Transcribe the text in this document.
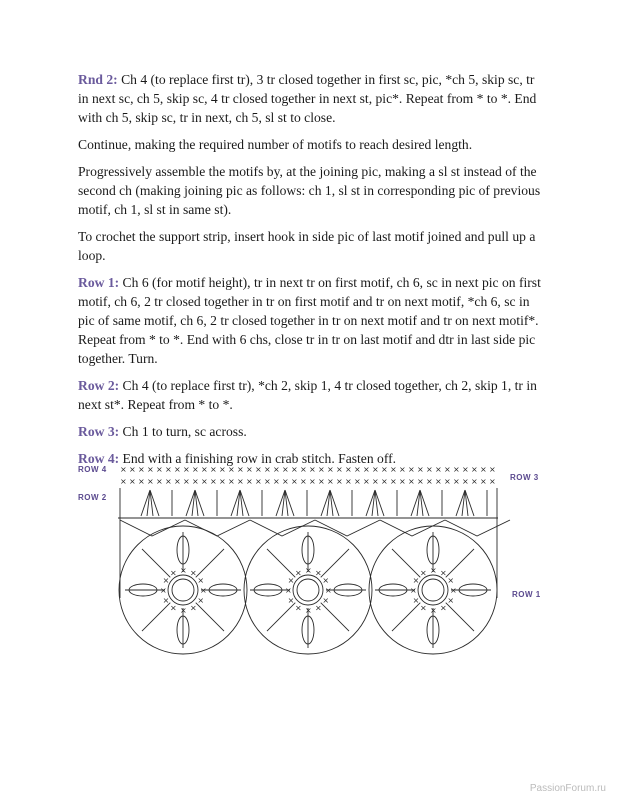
Rnd 2: Ch 4 (to replace first tr), 3 tr closed together in first sc, pic, *ch 5, skip sc, tr in next sc, ch 5, skip sc, 4 tr closed together in next st, pic*. Repeat from * to *. End with ch 5, skip sc, tr in next, ch 5, sl st to close.

Continue, making the required number of motifs to reach desired length.

Progressively assemble the motifs by, at the joining pic, making a sl st instead of the second ch (making joining pic as follows: ch 1, sl st in corresponding pic of previous motif, ch 1, sl st in same st).

To crochet the support strip, insert hook in side pic of last motif joined and pull up a loop.

Row 1: Ch 6 (for motif height), tr in next tr on first motif, ch 6, sc in next pic on first motif, ch 6, 2 tr closed together in tr on first motif and tr on next motif, *ch 6, sc in pic of same motif, ch 6, 2 tr closed together in tr on next motif and tr on next motif*. Repeat from * to *. End with 6 chs, close tr in tr on last motif and dtr in last side pic together. Turn.

Row 2: Ch 4 (to replace first tr), *ch 2, skip 1, 4 tr closed together, ch 2, skip 1, tr in next st*. Repeat from * to *.

Row 3: Ch 1 to turn, sc across.

Row 4: End with a finishing row in crab stitch. Fasten off.

ROW 4
ROW 2
ROW 3
ROW 1
× × × × × × × × × × × × × × × × × × × × × × × × × × × × × × × × × × × × × × × × × ×
× × × × × × × × × × × × × × × × × × × × × × × × × × × × × × × × × × × × × × × × × ×
×
×
×
×
×
×
×
×
× × ×
×
×
×
×
×
×
×
×
×
× × ×
×
×
×
×
×
×
×
×
×
× × ×
×
PassionForum.ru
